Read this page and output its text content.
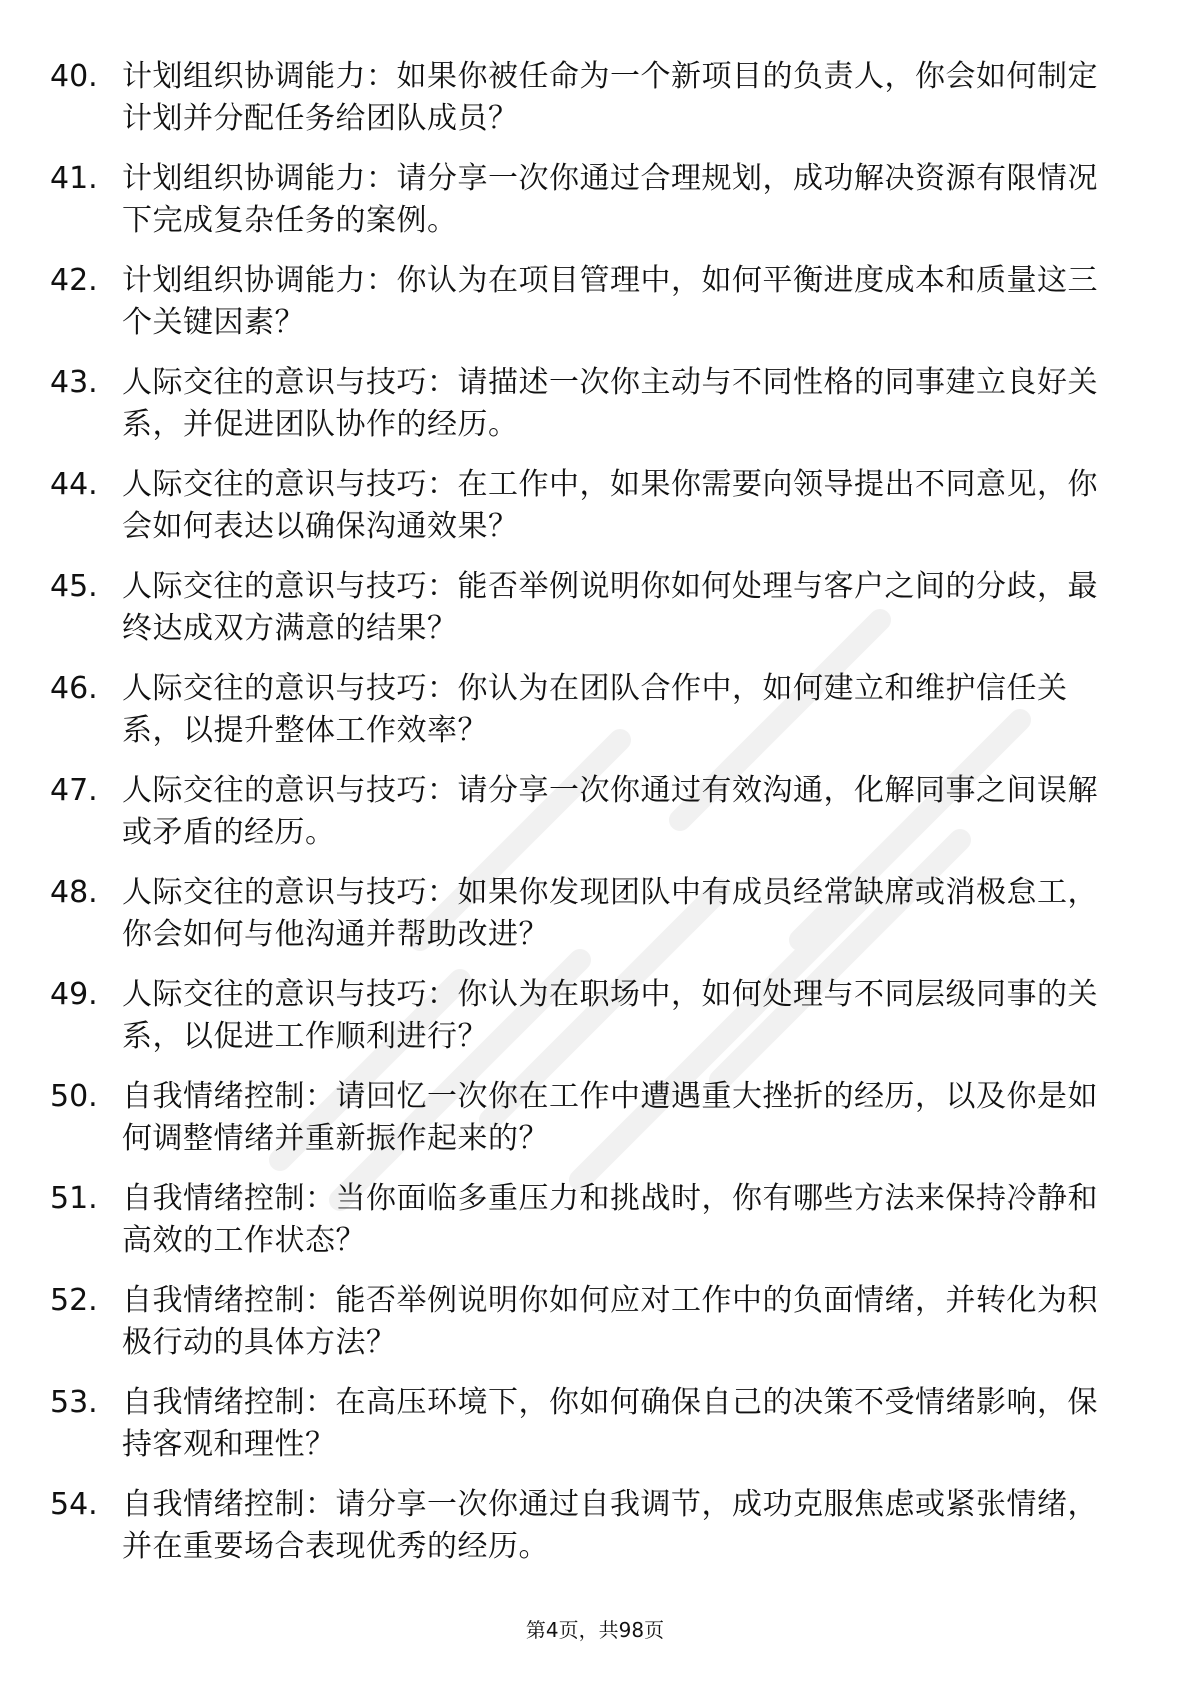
40. 计划组织协调能力：如果你被任命为一个新项目的负责人，你会如何制定计划并分配任务给团队成员？
41. 计划组织协调能力：请分享一次你通过合理规划，成功解决资源有限情况下完成复杂任务的案例。
42. 计划组织协调能力：你认为在项目管理中，如何平衡进度成本和质量这三个关键因素？
43. 人际交往的意识与技巧：请描述一次你主动与不同性格的同事建立良好关系，并促进团队协作的经历。
44. 人际交往的意识与技巧：在工作中，如果你需要向领导提出不同意见，你会如何表达以确保沟通效果？
45. 人际交往的意识与技巧：能否举例说明你如何处理与客户之间的分歧，最终达成双方满意的结果？
46. 人际交往的意识与技巧：你认为在团队合作中，如何建立和维护信任关系，以提升整体工作效率？
47. 人际交往的意识与技巧：请分享一次你通过有效沟通，化解同事之间误解或矛盾的经历。
48. 人际交往的意识与技巧：如果你发现团队中有成员经常缺席或消极怠工，你会如何与他沟通并帮助改进？
49. 人际交往的意识与技巧：你认为在职场中，如何处理与不同层级同事的关系，以促进工作顺利进行？
50. 自我情绪控制：请回忆一次你在工作中遭遇重大挫折的经历，以及你是如何调整情绪并重新振作起来的？
51. 自我情绪控制：当你面临多重压力和挑战时，你有哪些方法来保持冷静和高效的工作状态？
52. 自我情绪控制：能否举例说明你如何应对工作中的负面情绪，并转化为积极行动的具体方法？
53. 自我情绪控制：在高压环境下，你如何确保自己的决策不受情绪影响，保持客观和理性？
54. 自我情绪控制：请分享一次你通过自我调节，成功克服焦虑或紧张情绪，并在重要场合表现优秀的经历。
第4页，共98页
